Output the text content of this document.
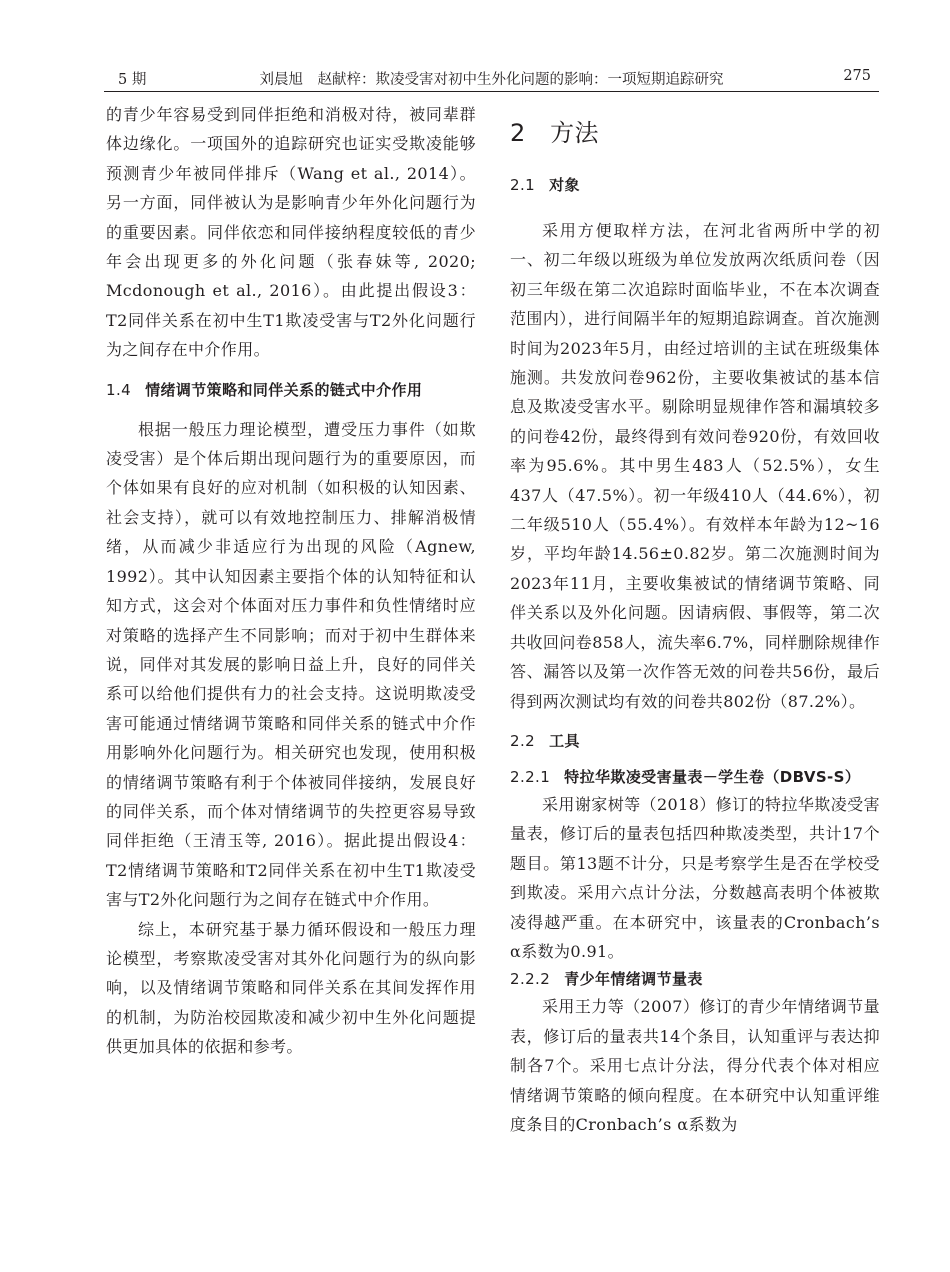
5 期	刘晨旭　赵献梓：欺凌受害对初中生外化问题的影响：一项短期追踪研究	275

的青少年容易受到同伴拒绝和消极对待，被同辈群体边缘化。一项国外的追踪研究也证实受欺凌能够预测青少年被同伴排斥（Wang et al., 2014）。另一方面，同伴被认为是影响青少年外化问题行为的重要因素。同伴依恋和同伴接纳程度较低的青少年会出现更多的外化问题（张春妹等, 2020; Mcdonough et al., 2016）。由此提出假设3：T2同伴关系在初中生T1欺凌受害与T2外化问题行为之间存在中介作用。

1.4 情绪调节策略和同伴关系的链式中介作用

根据一般压力理论模型，遭受压力事件（如欺凌受害）是个体后期出现问题行为的重要原因，而个体如果有良好的应对机制（如积极的认知因素、社会支持），就可以有效地控制压力、排解消极情绪，从而减少非适应行为出现的风险（Agnew, 1992）。其中认知因素主要指个体的认知特征和认知方式，这会对个体面对压力事件和负性情绪时应对策略的选择产生不同影响；而对于初中生群体来说，同伴对其发展的影响日益上升，良好的同伴关系可以给他们提供有力的社会支持。这说明欺凌受害可能通过情绪调节策略和同伴关系的链式中介作用影响外化问题行为。相关研究也发现，使用积极的情绪调节策略有利于个体被同伴接纳，发展良好的同伴关系，而个体对情绪调节的失控更容易导致同伴拒绝（王清玉等, 2016）。据此提出假设4：T2情绪调节策略和T2同伴关系在初中生T1欺凌受害与T2外化问题行为之间存在链式中介作用。

综上，本研究基于暴力循环假设和一般压力理论模型，考察欺凌受害对其外化问题行为的纵向影响，以及情绪调节策略和同伴关系在其间发挥作用的机制，为防治校园欺凌和减少初中生外化问题提供更加具体的依据和参考。

2　方法
2.1 对象

采用方便取样方法，在河北省两所中学的初一、初二年级以班级为单位发放两次纸质问卷（因初三年级在第二次追踪时面临毕业，不在本次调查范围内），进行间隔半年的短期追踪调查。首次施测时间为2023年5月，由经过培训的主试在班级集体施测。共发放问卷962份，主要收集被试的基本信息及欺凌受害水平。剔除明显规律作答和漏填较多的问卷42份，最终得到有效问卷920份，有效回收率为95.6%。其中男生483人（52.5%），女生437人（47.5%）。初一年级410人（44.6%），初二年级510人（55.4%）。有效样本年龄为12~16岁，平均年龄14.56±0.82岁。第二次施测时间为2023年11月，主要收集被试的情绪调节策略、同伴关系以及外化问题。因请病假、事假等，第二次共收回问卷858人，流失率6.7%，同样删除规律作答、漏答以及第一次作答无效的问卷共56份，最后得到两次测试均有效的问卷共802份（87.2%）。

2.2 工具
2.2.1 特拉华欺凌受害量表－学生卷（DBVS-S）

采用谢家树等（2018）修订的特拉华欺凌受害量表，修订后的量表包括四种欺凌类型，共计17个题目。第13题不计分，只是考察学生是否在学校受到欺凌。采用六点计分法，分数越高表明个体被欺凌得越严重。在本研究中，该量表的Cronbach’s α系数为0.91。

2.2.2 青少年情绪调节量表

采用王力等（2007）修订的青少年情绪调节量表，修订后的量表共14个条目，认知重评与表达抑制各7个。采用七点计分法，得分代表个体对相应情绪调节策略的倾向程度。在本研究中认知重评维度条目的Cronbach’s α系数为
